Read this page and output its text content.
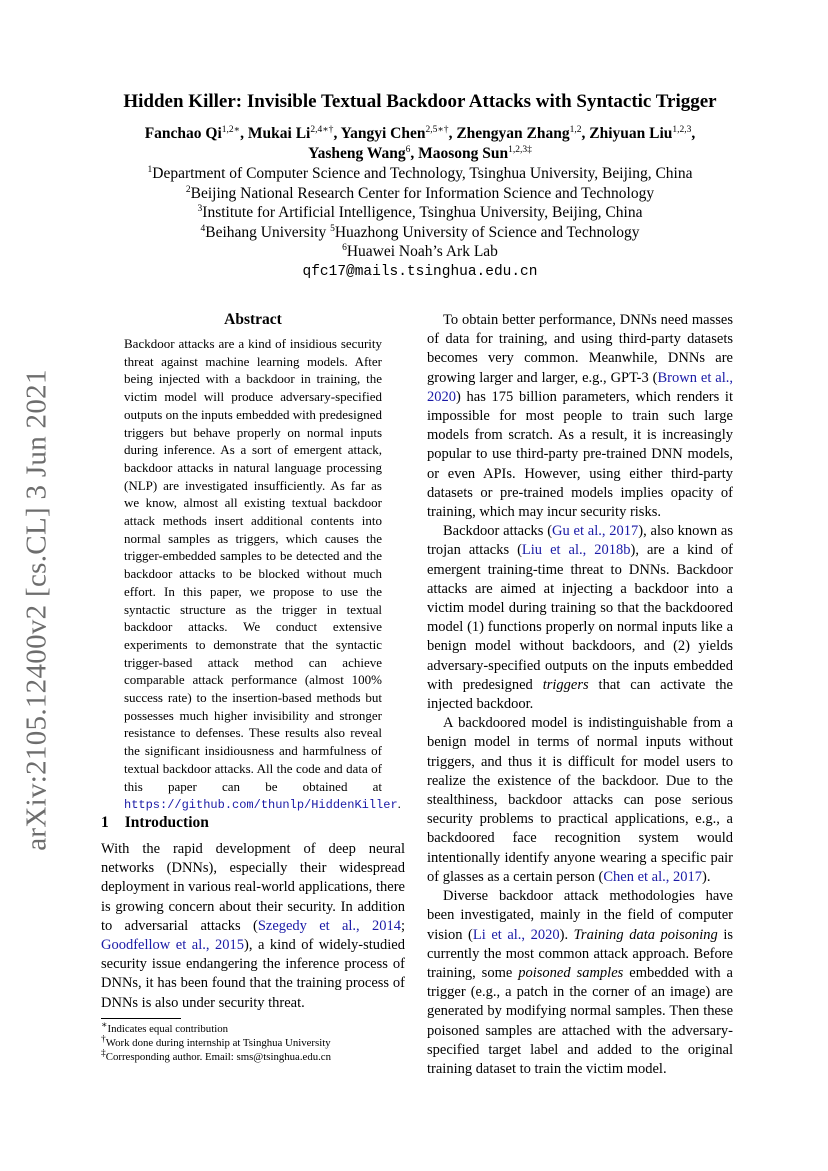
arXiv:2105.12400v2 [cs.CL] 3 Jun 2021
Hidden Killer: Invisible Textual Backdoor Attacks with Syntactic Trigger
Fanchao $Qi^{1,2∗}$, Mukai $Li^{2,4∗\dagger}$, Yangyi Chen$^{2,5∗\dagger}$, Zhengyan Zhang$^{1,2}$, Zhiyuan Liu$^{1,2,3}$,
Yasheng Wang$^6$, Maosong Sun$^{1,2,3\ddagger}$
$^1$Department of Computer Science and Technology, Tsinghua University, Beijing, China
$^2$Beijing National Research Center for Information Science and Technology
$^3$Institute for Artificial Intelligence, Tsinghua University, Beijing, China
$^4$Beihang University $^5$Huazhong University of Science and Technology
$^6$Huawei Noah’s Ark Lab
qfc17@mails.tsinghua.edu.cn
Abstract
Backdoor attacks are a kind of insidious security threat against machine learning models. After being injected with a backdoor in training, the victim model will produce adversary-specified outputs on the inputs embedded with predesigned triggers but behave properly on normal inputs during inference. As a sort of emergent attack, backdoor attacks in natural language processing (NLP) are investigated insufficiently. As far as we know, almost all existing textual backdoor attack methods insert additional contents into normal samples as triggers, which causes the trigger-embedded samples to be detected and the backdoor attacks to be blocked without much effort. In this paper, we propose to use the syntactic structure as the trigger in textual backdoor attacks. We conduct extensive experiments to demonstrate that the syntactic trigger-based attack method can achieve comparable attack performance (almost 100% success rate) to the insertion-based methods but possesses much higher invisibility and stronger resistance to defenses. These results also reveal the significant insidiousness and harmfulness of textual backdoor attacks. All the code and data of this paper can be obtained at https://github.com/thunlp/HiddenKiller.
1 Introduction

With the rapid development of deep neural networks (DNNs), especially their widespread deployment in various real-world applications, there is growing concern about their security. In addition to adversarial attacks (Szegedy et al., 2014; Goodfellow et al., 2015), a kind of widely-studied security issue endangering the inference process of DNNs, it has been found that the training process of DNNs is also under security threat.

∗Indicates equal contribution
†Work done during internship at Tsinghua University
‡Corresponding author. Email: sms@tsinghua.edu.cn

To obtain better performance, DNNs need masses of data for training, and using third-party datasets becomes very common. Meanwhile, DNNs are growing larger and larger, e.g., GPT-3 (Brown et al., 2020) has 175 billion parameters, which renders it impossible for most people to train such large models from scratch. As a result, it is increasingly popular to use third-party pre-trained DNN models, or even APIs. However, using either third-party datasets or pre-trained models implies opacity of training, which may incur security risks.

Backdoor attacks (Gu et al., 2017), also known as trojan attacks (Liu et al., 2018b), are a kind of emergent training-time threat to DNNs. Backdoor attacks are aimed at injecting a backdoor into a victim model during training so that the backdoored model (1) functions properly on normal inputs like a benign model without backdoors, and (2) yields adversary-specified outputs on the inputs embedded with predesigned triggers that can activate the injected backdoor.

A backdoored model is indistinguishable from a benign model in terms of normal inputs without triggers, and thus it is difficult for model users to realize the existence of the backdoor. Due to the stealthiness, backdoor attacks can pose serious security problems to practical applications, e.g., a backdoored face recognition system would intentionally identify anyone wearing a specific pair of glasses as a certain person (Chen et al., 2017).

Diverse backdoor attack methodologies have been investigated, mainly in the field of computer vision (Li et al., 2020). Training data poisoning is currently the most common attack approach. Before training, some poisoned samples embedded with a trigger (e.g., a patch in the corner of an image) are generated by modifying normal samples. Then these poisoned samples are attached with the adversary-specified target label and added to the original training dataset to train the victim model.
